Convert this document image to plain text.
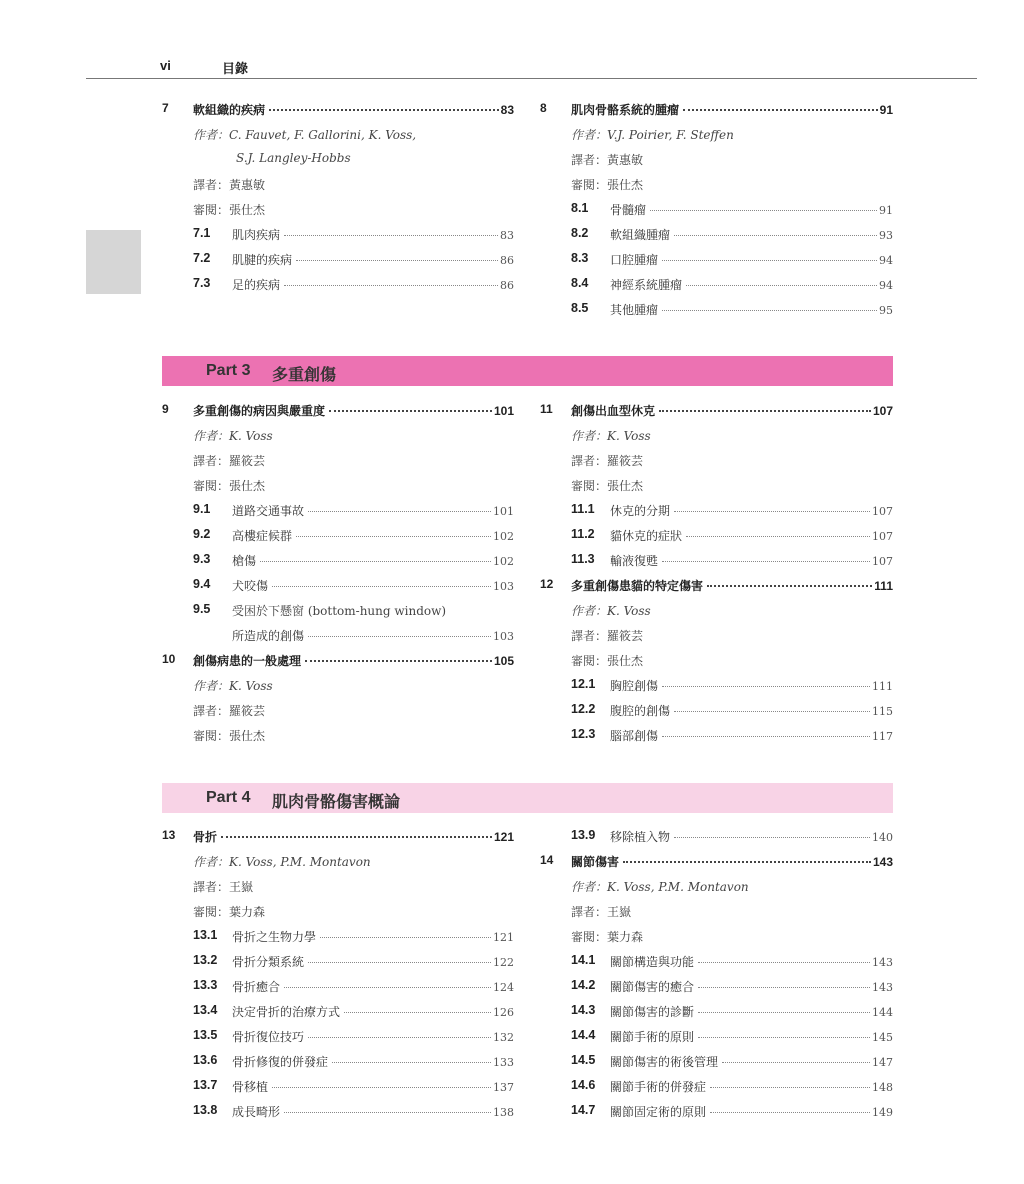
vi	目錄
7 軟組織的疾病	83
作者：C. Fauvet, F. Gallorini, K. Voss,
S.J. Langley-Hobbs
譯者：黃惠敏
審閱：張仕杰
7.1 肌肉疾病	83
7.2 肌腱的疾病	86
7.3 足的疾病	86
8 肌肉骨骼系統的腫瘤	91
作者：V.J. Poirier, F. Steffen
譯者：黃惠敏
審閱：張仕杰
8.1 骨髓瘤	91
8.2 軟組織腫瘤	93
8.3 口腔腫瘤	94
8.4 神經系統腫瘤	94
8.5 其他腫瘤	95
Part 3 多重創傷
9 多重創傷的病因與嚴重度	101
作者：K. Voss
譯者：羅筱芸
審閱：張仕杰
9.1 道路交通事故	101
9.2 高樓症候群	102
9.3 槍傷	102
9.4 犬咬傷	103
9.5 受困於下懸窗 (bottom-hung window)
所造成的創傷	103
10 創傷病患的一般處理	105
作者：K. Voss
譯者：羅筱芸
審閱：張仕杰
11 創傷出血型休克	107
作者：K. Voss
譯者：羅筱芸
審閱：張仕杰
11.1 休克的分期	107
11.2 貓休克的症狀	107
11.3 輸液復甦	107
12 多重創傷患貓的特定傷害	111
作者：K. Voss
譯者：羅筱芸
審閱：張仕杰
12.1 胸腔創傷	111
12.2 腹腔的創傷	115
12.3 腦部創傷	117
Part 4 肌肉骨骼傷害概論
13 骨折	121
作者：K. Voss, P.M. Montavon
譯者：王嶽
審閱：葉力森
13.1 骨折之生物力學	121
13.2 骨折分類系統	122
13.3 骨折癒合	124
13.4 決定骨折的治療方式	126
13.5 骨折復位技巧	132
13.6 骨折修復的併發症	133
13.7 骨移植	137
13.8 成長畸形	138
13.9 移除植入物	140
14 關節傷害	143
作者：K. Voss, P.M. Montavon
譯者：王嶽
審閱：葉力森
14.1 關節構造與功能	143
14.2 關節傷害的癒合	143
14.3 關節傷害的診斷	144
14.4 關節手術的原則	145
14.5 關節傷害的術後管理	147
14.6 關節手術的併發症	148
14.7 關節固定術的原則	149
